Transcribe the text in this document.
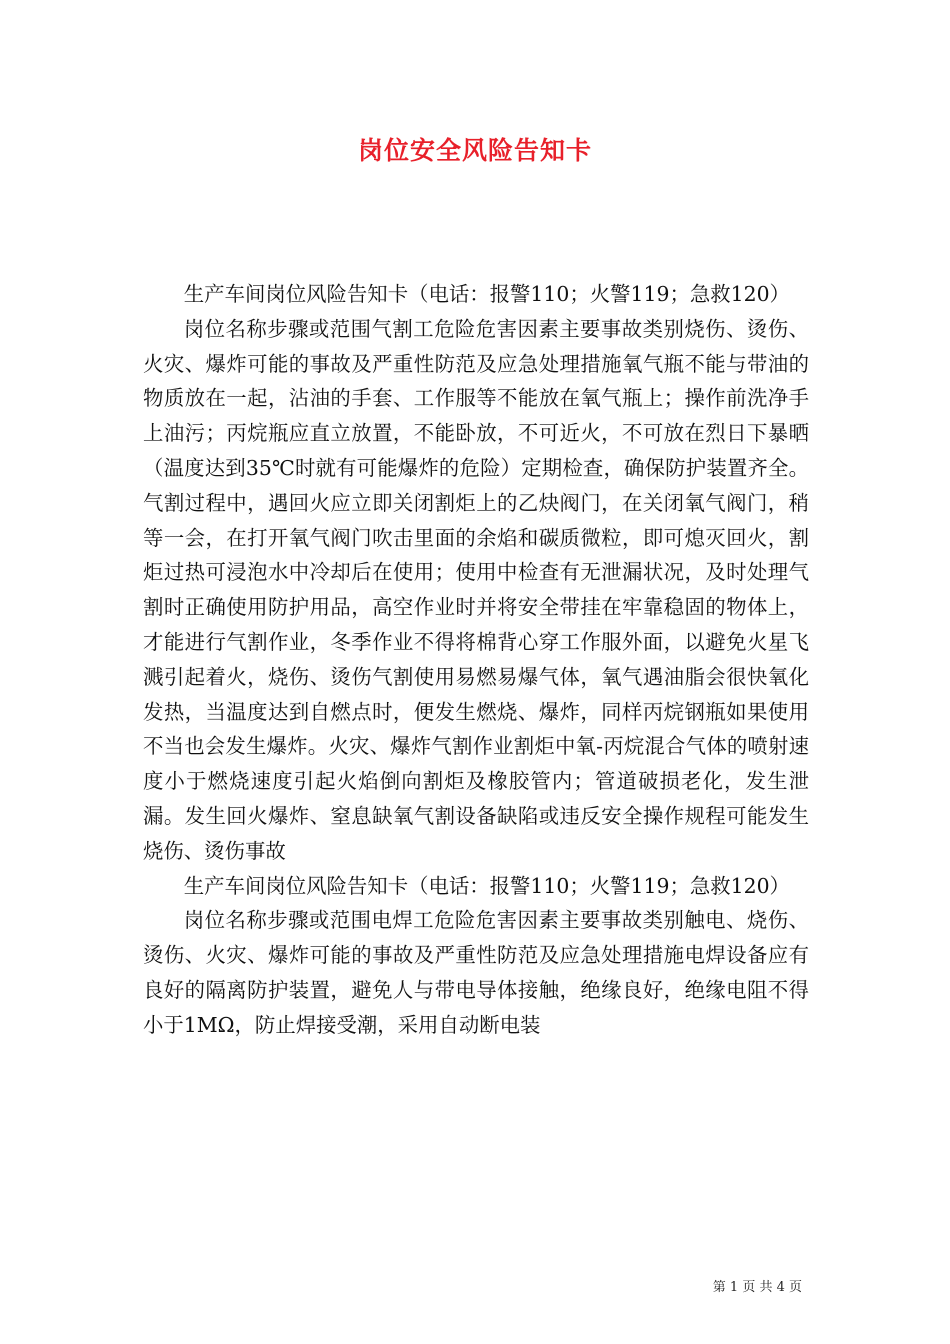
岗位安全风险告知卡

生产车间岗位风险告知卡（电话：报警110；火警119；急救120）

岗位名称步骤或范围气割工危险危害因素主要事故类别烧伤、烫伤、火灾、爆炸可能的事故及严重性防范及应急处理措施氧气瓶不能与带油的物质放在一起，沾油的手套、工作服等不能放在氧气瓶上；操作前洗净手上油污；丙烷瓶应直立放置，不能卧放，不可近火，不可放在烈日下暴晒（温度达到35℃时就有可能爆炸的危险）定期检查，确保防护装置齐全。气割过程中，遇回火应立即关闭割炬上的乙炔阀门，在关闭氧气阀门，稍等一会，在打开氧气阀门吹击里面的余焰和碳质微粒，即可熄灭回火，割炬过热可浸泡水中冷却后在使用；使用中检查有无泄漏状况，及时处理气割时正确使用防护用品，高空作业时并将安全带挂在牢靠稳固的物体上，才能进行气割作业，冬季作业不得将棉背心穿工作服外面，以避免火星飞溅引起着火，烧伤、烫伤气割使用易燃易爆气体，氧气遇油脂会很快氧化发热，当温度达到自燃点时，便发生燃烧、爆炸，同样丙烷钢瓶如果使用不当也会发生爆炸。火灾、爆炸气割作业割炬中氧-丙烷混合气体的喷射速度小于燃烧速度引起火焰倒向割炬及橡胶管内；管道破损老化，发生泄漏。发生回火爆炸、窒息缺氧气割设备缺陷或违反安全操作规程可能发生烧伤、烫伤事故

生产车间岗位风险告知卡（电话：报警110；火警119；急救120）

岗位名称步骤或范围电焊工危险危害因素主要事故类别触电、烧伤、烫伤、火灾、爆炸可能的事故及严重性防范及应急处理措施电焊设备应有良好的隔离防护装置，避免人与带电导体接触，绝缘良好，绝缘电阻不得小于1MΩ，防止焊接受潮，采用自动断电装

第 1 页 共 4 页
